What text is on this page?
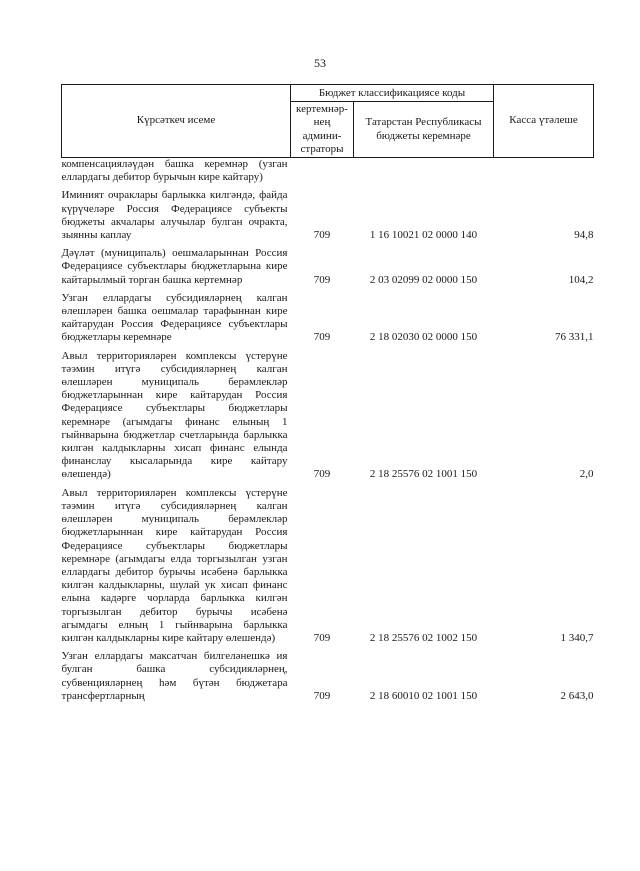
53
Күрсәткеч исеме	Бюджет классификациясе коды		Касса үтәлеше
	кертемнәр-нең админи-страторы	Татарстан Республикасы бюджеты керемнәре	
компенсацияләүдән башка керемнәр (узган еллардагы дебитор бурычын кире кайтару)			
Иминият очраклары барлыкка килгәндә, файда күрүчеләре Россия Федерациясе субъекты бюджеты акчалары алучылар булган очракта, зыянны каплау	709	1 16 10021 02 0000 140	94,8
Дәүләт (муниципаль) оешмаларыннан Россия Федерациясе субъектлары бюджетларына кире кайтарылмый торган башка кертемнәр	709	2 03 02099 02 0000 150	104,2
Узган еллардагы субсидияләрнең калган өлешләрен башка оешмалар тарафыннан кире кайтарудан Россия Федерациясе субъектлары бюджетлары керемнәре	709	2 18 02030 02 0000 150	76 331,1
Авыл территорияләрен комплексы үстерүне тәэмин итүгә субсидияләрнең калган өлешләрен муниципаль берәмлекләр бюджетларыннан кире кайтарудан Россия Федерациясе субъектлары бюджетлары керемнәре (агымдагы финанс елының 1 гыйнварына бюджетлар счетларында барлыкка килгән калдыкларны хисап финанс елында финанслау кысаларында кире кайтару өлешендә)	709	2 18 25576 02 1001 150	2,0
Авыл территорияләрен комплексы үстерүне тәэмин итүгә субсидияләрнең калган өлешләрен муниципаль берәмлекләр бюджетларыннан кире кайтарудан Россия Федерациясе субъектлары бюджетлары керемнәре (агымдагы елда торгызылган узган еллардагы дебитор бурычы исәбенә барлыкка килгән калдыкларны, шулай ук хисап финанс елына кадәрге чорларда барлыкка килгән торгызылган дебитор бурычы исәбенә агымдагы елның 1 гыйнварына барлыкка килгән калдыкларны кире кайтару өлешендә)	709	2 18 25576 02 1002 150	1 340,7
Узган еллардагы максатчан билгеләнешкә ия булган башка субсидияләрнең, субвенцияләрнең һәм бүтән бюджетара трансфертларның	709	2 18 60010 02 1001 150	2 643,0
